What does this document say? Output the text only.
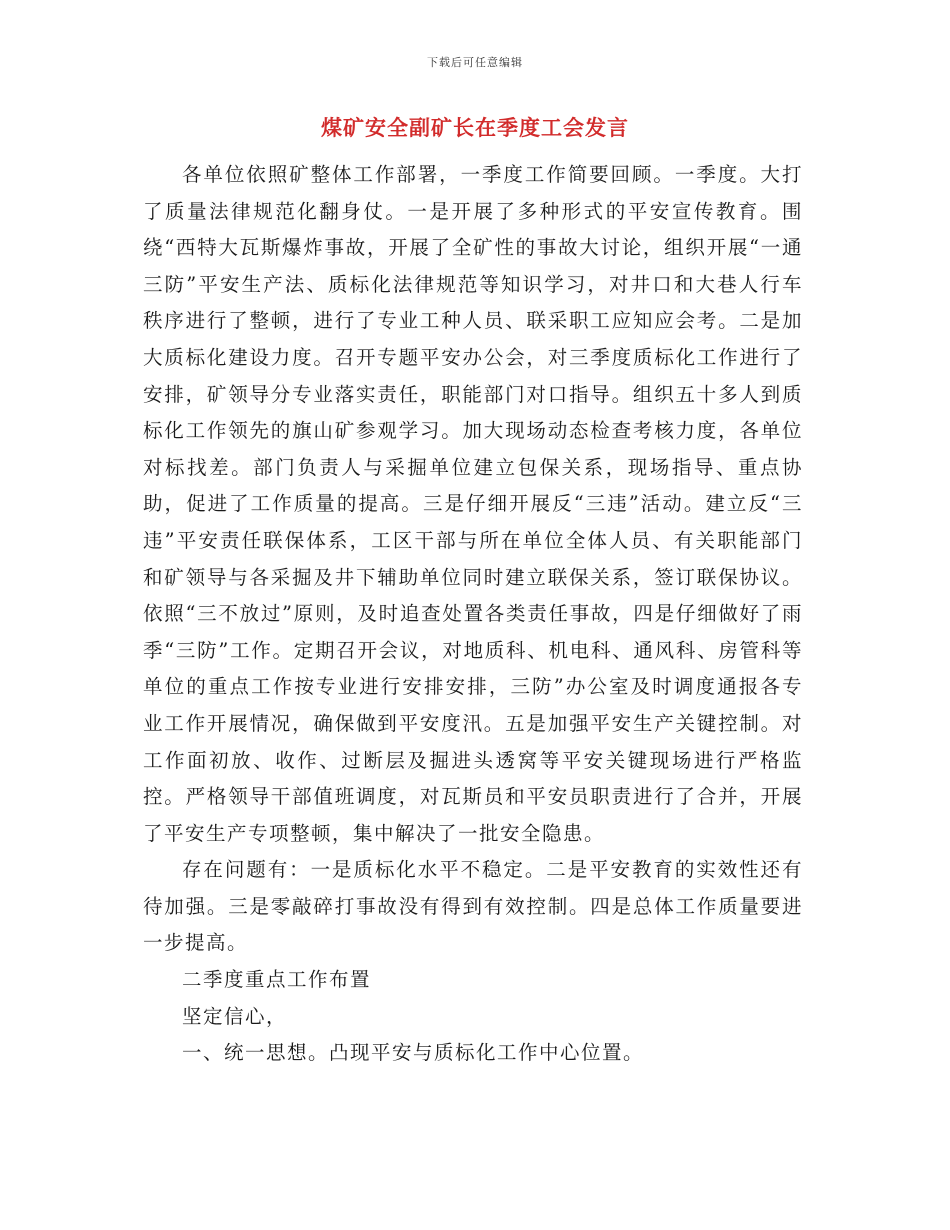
下载后可任意编辑
煤矿安全副矿长在季度工会发言

各单位依照矿整体工作部署，一季度工作简要回顾。一季度。大打了质量法律规范化翻身仗。一是开展了多种形式的平安宣传教育。围绕“西特大瓦斯爆炸事故，开展了全矿性的事故大讨论，组织开展“一通三防”平安生产法、质标化法律规范等知识学习，对井口和大巷人行车秩序进行了整顿，进行了专业工种人员、联采职工应知应会考。二是加大质标化建设力度。召开专题平安办公会，对三季度质标化工作进行了安排，矿领导分专业落实责任，职能部门对口指导。组织五十多人到质标化工作领先的旗山矿参观学习。加大现场动态检查考核力度，各单位对标找差。部门负责人与采掘单位建立包保关系，现场指导、重点协助，促进了工作质量的提高。三是仔细开展反“三违”活动。建立反“三违”平安责任联保体系，工区干部与所在单位全体人员、有关职能部门和矿领导与各采掘及井下辅助单位同时建立联保关系，签订联保协议。依照“三不放过”原则，及时追查处置各类责任事故，四是仔细做好了雨季“三防”工作。定期召开会议，对地质科、机电科、通风科、房管科等单位的重点工作按专业进行安排安排，三防”办公室及时调度通报各专业工作开展情况，确保做到平安度汛。五是加强平安生产关键控制。对工作面初放、收作、过断层及掘进头透窝等平安关键现场进行严格监控。严格领导干部值班调度，对瓦斯员和平安员职责进行了合并，开展了平安生产专项整顿，集中解决了一批安全隐患。

存在问题有：一是质标化水平不稳定。二是平安教育的实效性还有待加强。三是零敲碎打事故没有得到有效控制。四是总体工作质量要进一步提高。

二季度重点工作布置

坚定信心，

一、统一思想。凸现平安与质标化工作中心位置。
